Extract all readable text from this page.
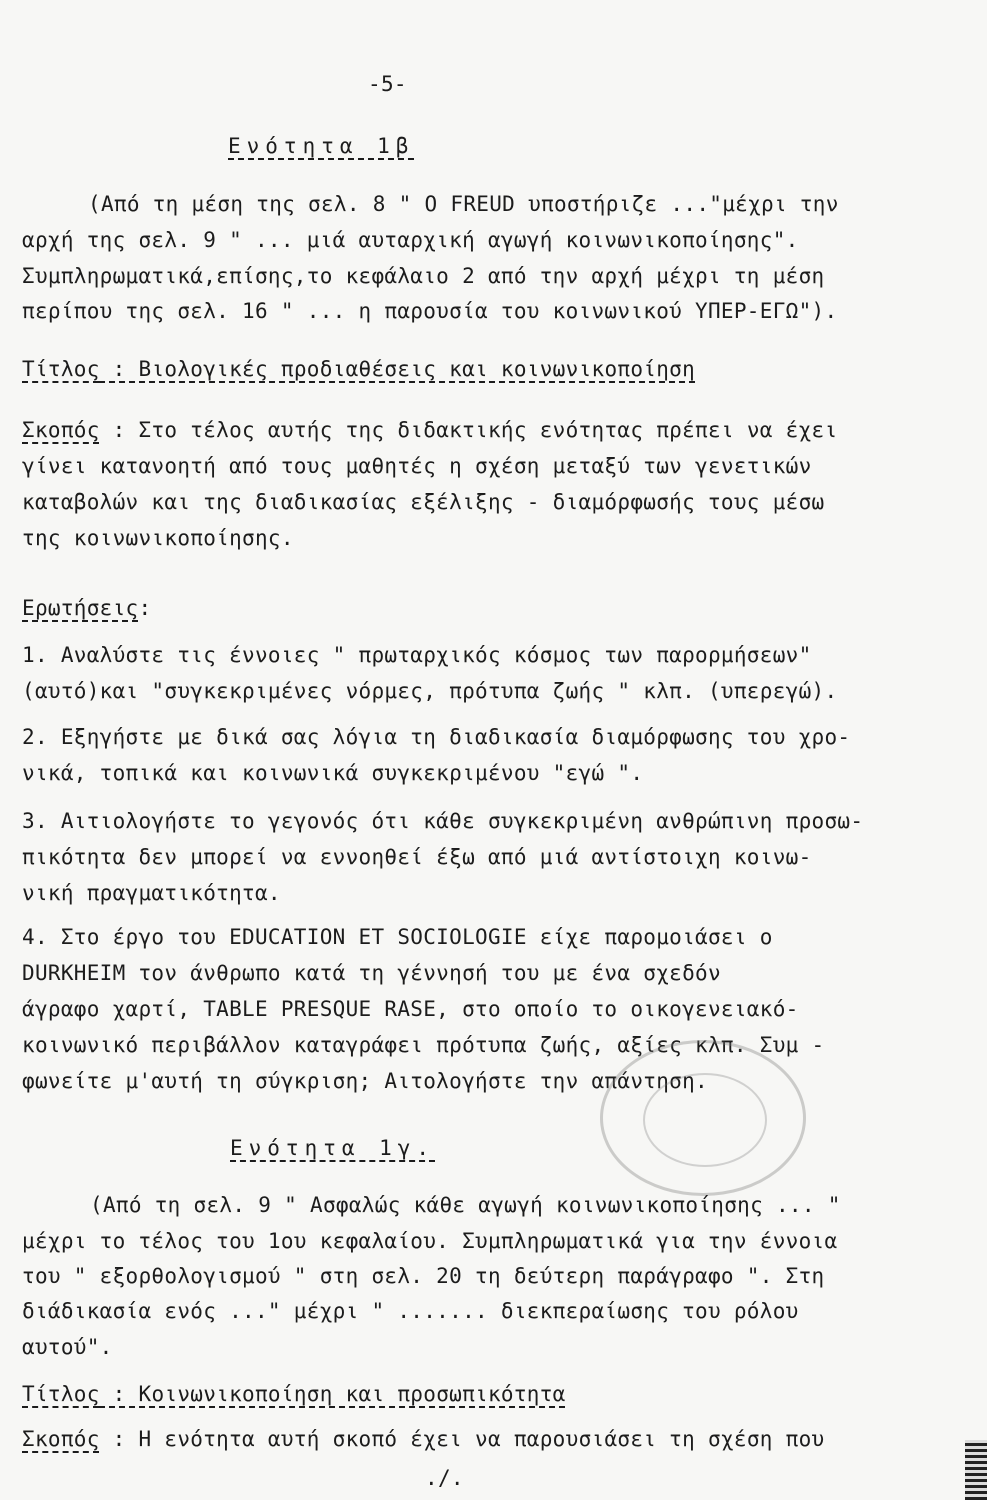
-5-
Ενότητα 1β
(Από τη μέση της σελ. 8 " Ο FREUD υποστήριζε ..."μέχρι την
αρχή της σελ. 9 " ... μιά αυταρχική αγωγή κοινωνικοποίησης".
Συμπληρωματικά,επίσης,το κεφάλαιο 2 από την αρχή μέχρι τη μέση
περίπου της σελ. 16 " ... η παρουσία του κοινωνικού ΥΠΕΡ-ΕΓΩ").
Τίτλος : Βιολογικές προδιαθέσεις και κοινωνικοποίηση
Σκοπός : Στο τέλος αυτής της διδακτικής ενότητας πρέπει να έχει
γίνει κατανοητή από τους μαθητές η σχέση μεταξύ των γενετικών
καταβολών και της διαδικασίας εξέλιξης - διαμόρφωσής τους μέσω
της κοινωνικοποίησης.
Ερωτήσεις:
1. Αναλύστε τις έννοιες " πρωταρχικός κόσμος των παρορμήσεων"
(αυτό)και "συγκεκριμένες νόρμες, πρότυπα ζωής " κλπ. (υπερεγώ).
2. Εξηγήστε με δικά σας λόγια τη διαδικασία διαμόρφωσης του χρο-
νικά, τοπικά και κοινωνικά συγκεκριμένου "εγώ ".
3. Αιτιολογήστε το γεγονός ότι κάθε συγκεκριμένη ανθρώπινη προσω-
πικότητα δεν μπορεί να εννοηθεί έξω από μιά αντίστοιχη κοινω-
νική πραγματικότητα.
4. Στο έργο του EDUCATION ET SOCIOLOGIE είχε παρομοιάσει ο
DURKHEIM τον άνθρωπο κατά τη γέννησή του με ένα σχεδόν
άγραφο χαρτί, TABLE PRESQUE RASE, στο οποίο το οικογενειακό-
κοινωνικό περιβάλλον καταγράφει πρότυπα ζωής, αξίες κλπ. Συμ -
φωνείτε μ'αυτή τη σύγκριση; Αιτολογήστε την απάντηση.
Ενότητα 1γ.
(Από τη σελ. 9 " Ασφαλώς κάθε αγωγή κοινωνικοποίησης ... "
μέχρι το τέλος του 1ου κεφαλαίου. Συμπληρωματικά για την έννοια
του " εξορθολογισμού " στη σελ. 20 τη δεύτερη παράγραφο ". Στη
διάδικασία ενός ..." μέχρι " ....... διεκπεραίωσης του ρόλου
αυτού".
Τίτλος : Κοινωνικοποίηση και προσωπικότητα
Σκοπός : Η ενότητα αυτή σκοπό έχει να παρουσιάσει τη σχέση που
./.
